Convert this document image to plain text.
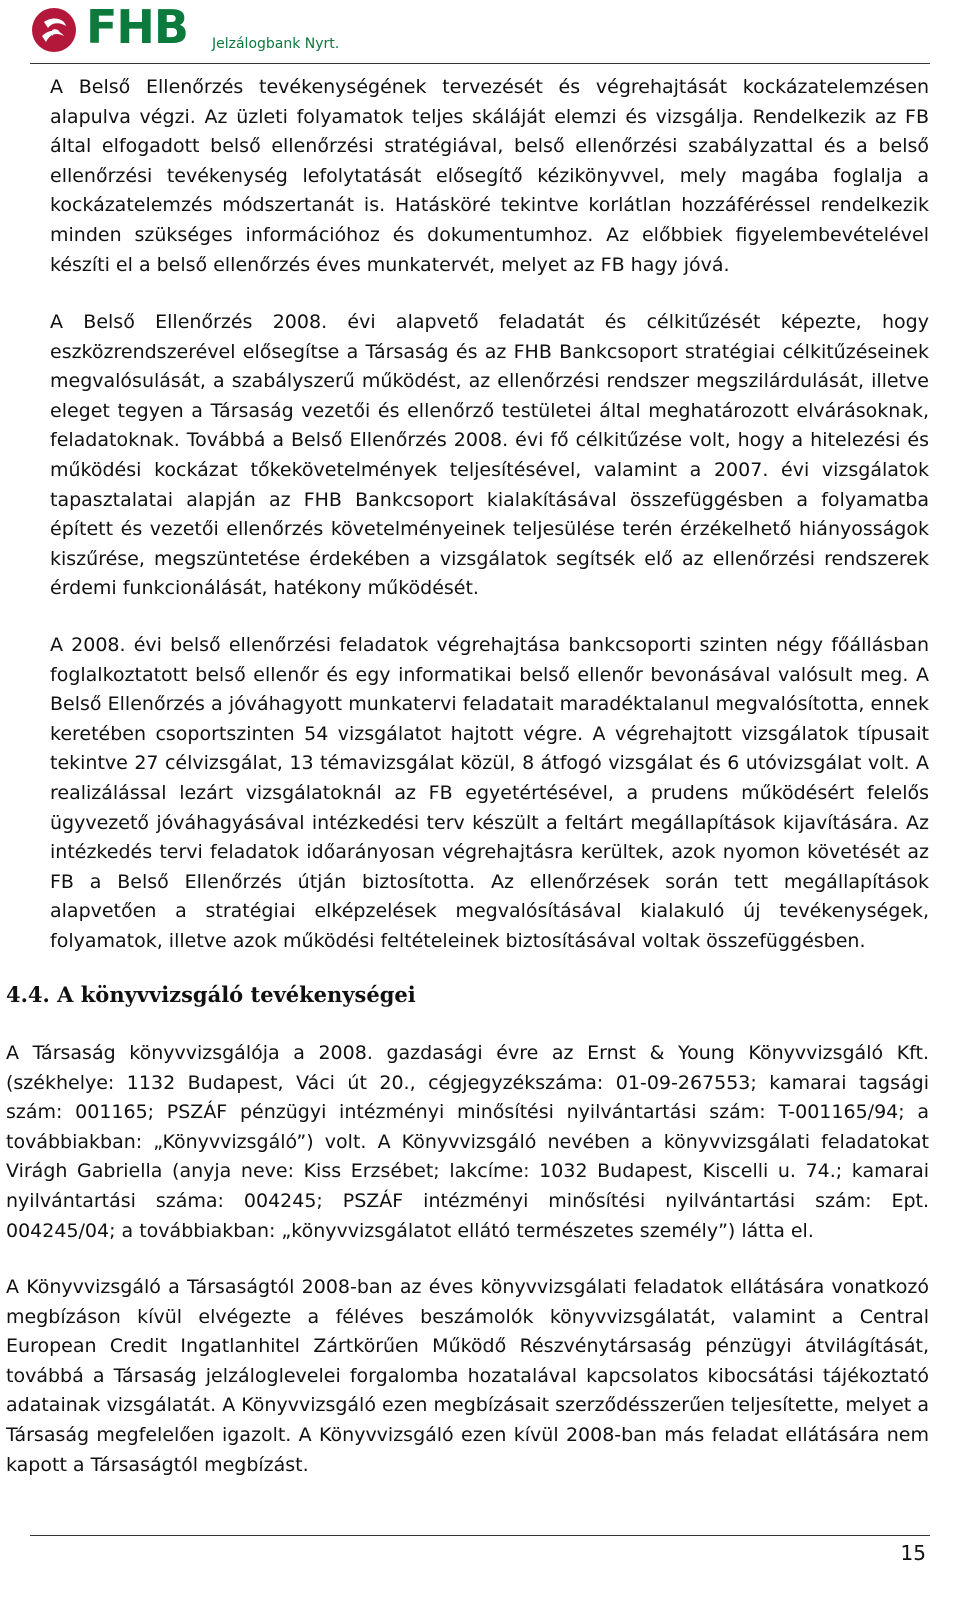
FHB Jelzálogbank Nyrt.

A Belső Ellenőrzés tevékenységének tervezését és végrehajtását kockázatelemzésen alapulva végzi. Az üzleti folyamatok teljes skáláját elemzi és vizsgálja. Rendelkezik az FB által elfogadott belső ellenőrzési stratégiával, belső ellenőrzési szabályzattal és a belső ellenőrzési tevékenység lefolytatását elősegítő kézikönyvvel, mely magába foglalja a kockázatelemzés módszertanát is. Hatásköré tekintve korlátlan hozzáféréssel rendelkezik minden szükséges információhoz és dokumentumhoz. Az előbbiek figyelembevételével készíti el a belső ellenőrzés éves munkatervét, melyet az FB hagy jóvá.

A Belső Ellenőrzés 2008. évi alapvető feladatát és célkitűzését képezte, hogy eszközrendszerével elősegítse a Társaság és az FHB Bankcsoport stratégiai célkitűzéseinek megvalósulását, a szabályszerű működést, az ellenőrzési rendszer megszilárdulását, illetve eleget tegyen a Társaság vezetői és ellenőrző testületei által meghatározott elvárásoknak, feladatoknak. Továbbá a Belső Ellenőrzés 2008. évi fő célkitűzése volt, hogy a hitelezési és működési kockázat tőkekövetelmények teljesítésével, valamint a 2007. évi vizsgálatok tapasztalatai alapján az FHB Bankcsoport kialakításával összefüggésben a folyamatba épített és vezetői ellenőrzés követelményeinek teljesülése terén érzékelhető hiányosságok kiszűrése, megszüntetése érdekében a vizsgálatok segítsék elő az ellenőrzési rendszerek érdemi funkcionálását, hatékony működését.

A 2008. évi belső ellenőrzési feladatok végrehajtása bankcsoporti szinten négy főállásban foglalkoztatott belső ellenőr és egy informatikai belső ellenőr bevonásával valósult meg. A Belső Ellenőrzés a jóváhagyott munkatervi feladatait maradéktalanul megvalósította, ennek keretében csoportszinten 54 vizsgálatot hajtott végre. A végrehajtott vizsgálatok típusait tekintve 27 célvizsgálat, 13 témavizsgálat közül, 8 átfogó vizsgálat és 6 utóvizsgálat volt. A realizálással lezárt vizsgálatoknál az FB egyetértésével, a prudens működésért felelős ügyvezető jóváhagyásával intézkedési terv készült a feltárt megállapítások kijavítására. Az intézkedés tervi feladatok időarányosan végrehajtásra kerültek, azok nyomon követését az FB a Belső Ellenőrzés útján biztosította. Az ellenőrzések során tett megállapítások alapvetően a stratégiai elképzelések megvalósításával kialakuló új tevékenységek, folyamatok, illetve azok működési feltételeinek biztosításával voltak összefüggésben.

4.4. A könyvvizsgáló tevékenységei

A Társaság könyvvizsgálója a 2008. gazdasági évre az Ernst & Young Könyvvizsgáló Kft. (székhelye: 1132 Budapest, Váci út 20., cégjegyzékszáma: 01-09-267553; kamarai tagsági szám: 001165; PSZÁF pénzügyi intézményi minősítési nyilvántartási szám: T-001165/94; a továbbiakban: „Könyvvizsgáló”) volt. A Könyvvizsgáló nevében a könyvvizsgálati feladatokat Virágh Gabriella (anyja neve: Kiss Erzsébet; lakcíme: 1032 Budapest, Kiscelli u. 74.; kamarai nyilvántartási száma: 004245; PSZÁF intézményi minősítési nyilvántartási szám: Ept. 004245/04; a továbbiakban: „könyvvizsgálatot ellátó természetes személy”) látta el.

A Könyvvizsgáló a Társaságtól 2008-ban az éves könyvvizsgálati feladatok ellátására vonatkozó megbízáson kívül elvégezte a féléves beszámolók könyvvizsgálatát, valamint a Central European Credit Ingatlanhitel Zártkörűen Működő Részvénytársaság pénzügyi átvilágítását, továbbá a Társaság jelzáloglevelei forgalomba hozatalával kapcsolatos kibocsátási tájékoztató adatainak vizsgálatát. A Könyvvizsgáló ezen megbízásait szerződésszerűen teljesítette, melyet a Társaság megfelelően igazolt. A Könyvvizsgáló ezen kívül 2008-ban más feladat ellátására nem kapott a Társaságtól megbízást.

15
